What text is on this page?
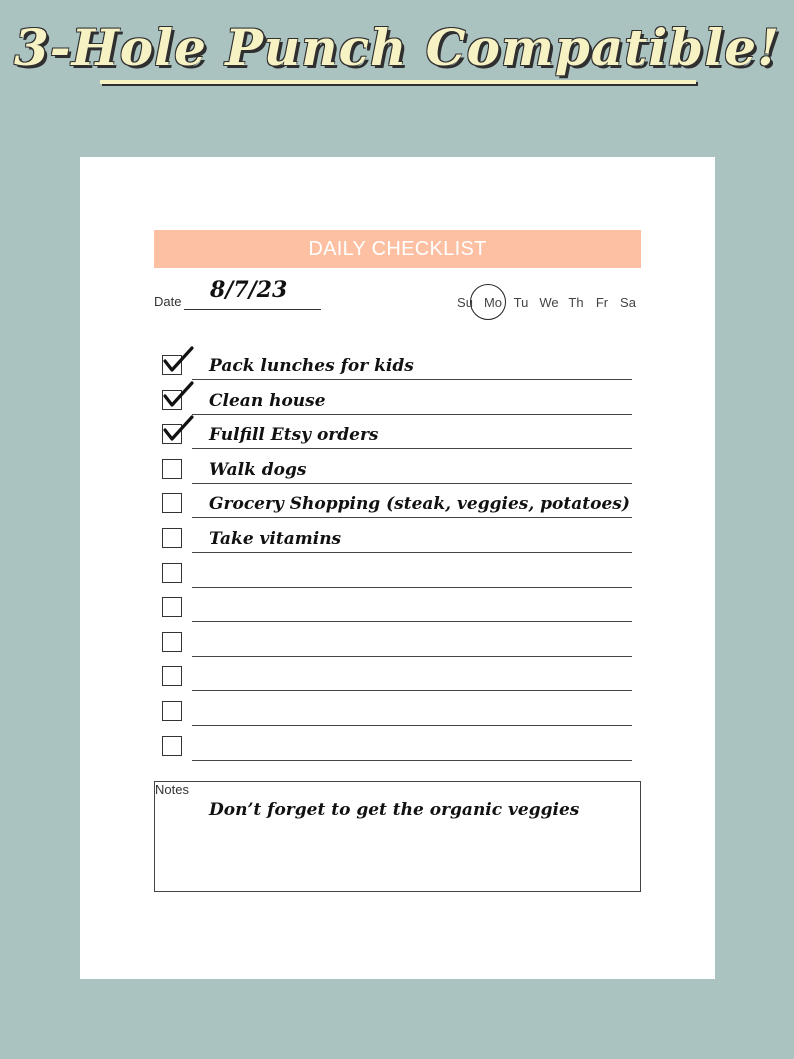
3-Hole Punch Compatible!
DAILY CHECKLIST
Date 8/7/23	Su Mo Tu We Th Fr Sa
Pack lunches for kids
Clean house
Fulfill Etsy orders
Walk dogs
Grocery Shopping (steak, veggies, potatoes)
Take vitamins
Notes
Don’t forget to get the organic veggies
